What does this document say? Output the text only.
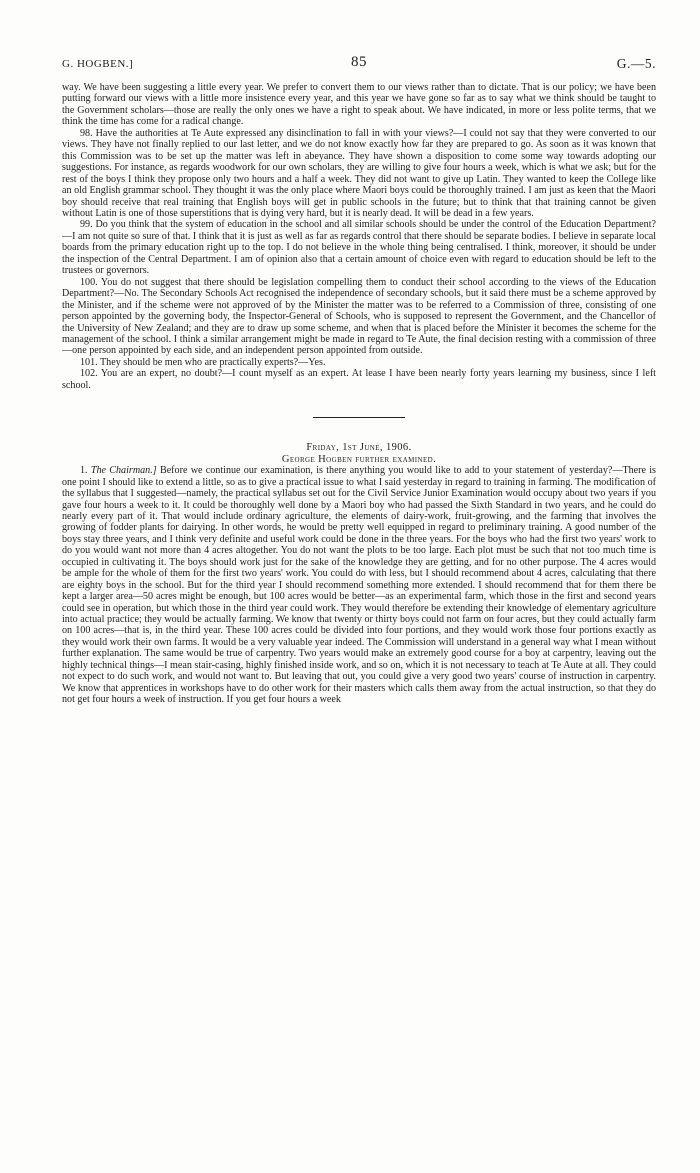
G. HOGBEN.]	85	G.—5.

way. We have been suggesting a little every year. We prefer to convert them to our views rather than to dictate. That is our policy; we have been putting forward our views with a little more insistence every year, and this year we have gone so far as to say what we think should be taught to the Government scholars—those are really the only ones we have a right to speak about. We have indicated, in more or less polite terms, that we think the time has come for a radical change.

98. Have the authorities at Te Aute expressed any disinclination to fall in with your views?—I could not say that they were converted to our views. They have not finally replied to our last letter, and we do not know exactly how far they are prepared to go. As soon as it was known that this Commission was to be set up the matter was left in abeyance. They have shown a disposition to come some way towards adopting our suggestions. For instance, as regards woodwork for our own scholars, they are willing to give four hours a week, which is what we ask; but for the rest of the boys I think they propose only two hours and a half a week. They did not want to give up Latin. They wanted to keep the College like an old English grammar school. They thought it was the only place where Maori boys could be thoroughly trained. I am just as keen that the Maori boy should receive that real training that English boys will get in public schools in the future; but to think that that training cannot be given without Latin is one of those superstitions that is dying very hard, but it is nearly dead. It will be dead in a few years.

99. Do you think that the system of education in the school and all similar schools should be under the control of the Education Department?—I am not quite so sure of that. I think that it is just as well as far as regards control that there should be separate bodies. I believe in separate local boards from the primary education right up to the top. I do not believe in the whole thing being centralised. I think, moreover, it should be under the inspection of the Central Department. I am of opinion also that a certain amount of choice even with regard to education should be left to the trustees or governors.

100. You do not suggest that there should be legislation compelling them to conduct their school according to the views of the Education Department?—No. The Secondary Schools Act recognised the independence of secondary schools, but it said there must be a scheme approved by the Minister, and if the scheme were not approved of by the Minister the matter was to be referred to a Commission of three, consisting of one person appointed by the governing body, the Inspector-General of Schools, who is supposed to represent the Government, and the Chancellor of the University of New Zealand; and they are to draw up some scheme, and when that is placed before the Minister it becomes the scheme for the management of the school. I think a similar arrangement might be made in regard to Te Aute, the final decision resting with a commission of three—one person appointed by each side, and an independent person appointed from outside.

101. They should be men who are practically experts?—Yes.

102. You are an expert, no doubt?—I count myself as an expert. At lease I have been nearly forty years learning my business, since I left school.

Friday, 1st June, 1906.

George Hogben further examined.

1. The Chairman.] Before we continue our examination, is there anything you would like to add to your statement of yesterday?—There is one point I should like to extend a little, so as to give a practical issue to what I said yesterday in regard to training in farming. The modification of the syllabus that I suggested—namely, the practical syllabus set out for the Civil Service Junior Examination would occupy about two years if you gave four hours a week to it. It could be thoroughly well done by a Maori boy who had passed the Sixth Standard in two years, and he could do nearly every part of it. That would include ordinary agriculture, the elements of dairy-work, fruit-growing, and the farming that involves the growing of fodder plants for dairying. In other words, he would be pretty well equipped in regard to preliminary training. A good number of the boys stay three years, and I think very definite and useful work could be done in the three years. For the boys who had the first two years' work to do you would want not more than 4 acres altogether. You do not want the plots to be too large. Each plot must be such that not too much time is occupied in cultivating it. The boys should work just for the sake of the knowledge they are getting, and for no other purpose. The 4 acres would be ample for the whole of them for the first two years' work. You could do with less, but I should recommend about 4 acres, calculating that there are eighty boys in the school. But for the third year I should recommend something more extended. I should recommend that for them there be kept a larger area—50 acres might be enough, but 100 acres would be better—as an experimental farm, which those in the first and second years could see in operation, but which those in the third year could work. They would therefore be extending their knowledge of elementary agriculture into actual practice; they would be actually farming. We know that twenty or thirty boys could not farm on four acres, but they could actually farm on 100 acres—that is, in the third year. These 100 acres could be divided into four portions, and they would work those four portions exactly as they would work their own farms. It would be a very valuable year indeed. The Commission will understand in a general way what I mean without further explanation. The same would be true of carpentry. Two years would make an extremely good course for a boy at carpentry, leaving out the highly technical things—I mean stair-casing, highly finished inside work, and so on, which it is not necessary to teach at Te Aute at all. They could not expect to do such work, and would not want to. But leaving that out, you could give a very good two years' course of instruction in carpentry. We know that apprentices in workshops have to do other work for their masters which calls them away from the actual instruction, so that they do not get four hours a week of instruction. If you get four hours a week
